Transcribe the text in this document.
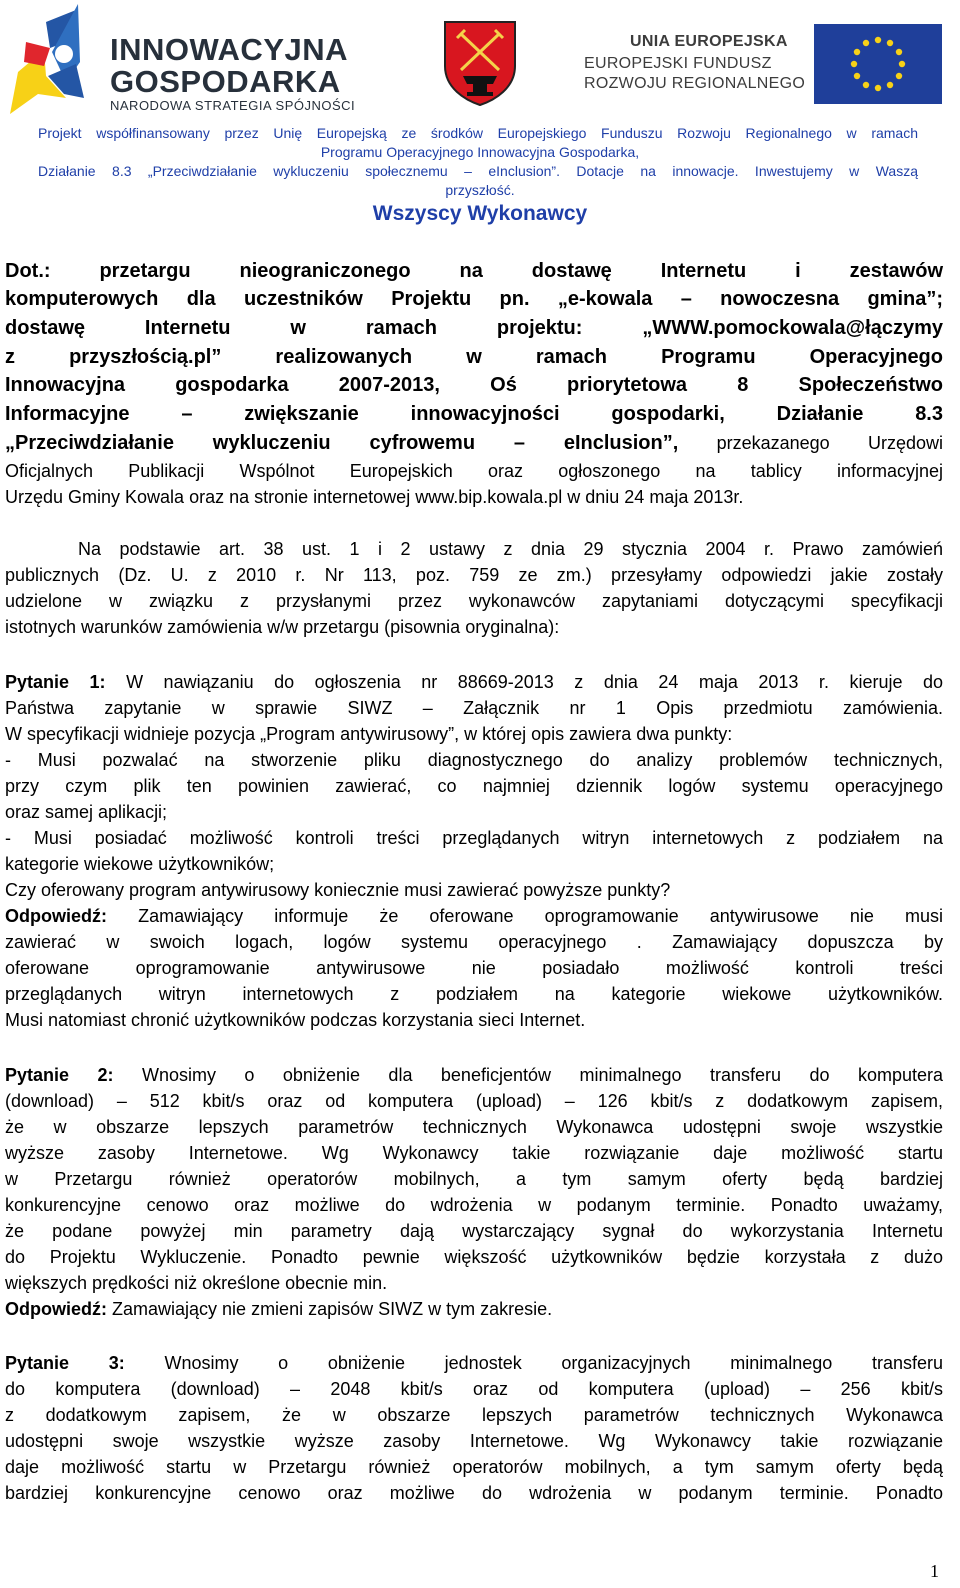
INNOWACYJNA
GOSPODARKA
NARODOWA STRATEGIA SPÓJNOŚCI
UNIA EUROPEJSKA
EUROPEJSKI FUNDUSZ
ROZWOJU REGIONALNEGO
Projekt współfinansowany przez Unię Europejską ze środków Europejskiego Funduszu Rozwoju Regionalnego w ramach
Programu Operacyjnego Innowacyjna Gospodarka,
Działanie 8.3 „Przeciwdziałanie wykluczeniu społecznemu – eInclusion”. Dotacje na innowacje. Inwestujemy w Waszą
przyszłość.
Wszyscy Wykonawcy
Dot.: przetargu nieograniczonego na dostawę Internetu i zestawów
komputerowych dla uczestników Projektu pn. „e-kowala – nowoczesna gmina”;
dostawę Internetu w ramach projektu: „WWW.pomockowala@łączymy
z przyszłością.pl” realizowanych w ramach Programu Operacyjnego
Innowacyjna gospodarka 2007-2013, Oś priorytetowa 8 Społeczeństwo
Informacyjne – zwiększanie innowacyjności gospodarki, Działanie 8.3
„Przeciwdziałanie wykluczeniu cyfrowemu – eInclusion”, przekazanego Urzędowi
Oficjalnych Publikacji Wspólnot Europejskich oraz ogłoszonego na tablicy informacyjnej
Urzędu Gminy Kowala oraz na stronie internetowej www.bip.kowala.pl w dniu 24 maja 2013r.
Na podstawie art. 38 ust. 1 i 2 ustawy z dnia 29 stycznia 2004 r. Prawo zamówień
publicznych (Dz. U. z 2010 r. Nr 113, poz. 759 ze zm.) przesyłamy odpowiedzi jakie zostały
udzielone w związku z przysłanymi przez wykonawców zapytaniami dotyczącymi specyfikacji
istotnych warunków zamówienia w/w przetargu (pisownia oryginalna):
Pytanie 1: W nawiązaniu do ogłoszenia nr 88669-2013 z dnia 24 maja 2013 r. kieruje do
Państwa zapytanie w sprawie SIWZ – Załącznik nr 1 Opis przedmiotu zamówienia.
W specyfikacji widnieje pozycja „Program antywirusowy”, w której opis zawiera dwa punkty:
- Musi pozwalać na stworzenie pliku diagnostycznego do analizy problemów technicznych,
przy czym plik ten powinien zawierać, co najmniej dziennik logów systemu operacyjnego
oraz samej aplikacji;
- Musi posiadać możliwość kontroli treści przeglądanych witryn internetowych z podziałem na
kategorie wiekowe użytkowników;
Czy oferowany program antywirusowy koniecznie musi zawierać powyższe punkty?
Odpowiedź: Zamawiający informuje że oferowane oprogramowanie antywirusowe nie musi
zawierać w swoich logach, logów systemu operacyjnego . Zamawiający dopuszcza by
oferowane oprogramowanie antywirusowe nie posiadało możliwość kontroli treści
przeglądanych witryn internetowych z podziałem na kategorie wiekowe użytkowników.
Musi natomiast chronić użytkowników podczas korzystania sieci Internet.
Pytanie 2: Wnosimy o obniżenie dla beneficjentów minimalnego transferu do komputera
(download) – 512 kbit/s oraz od komputera (upload) – 126 kbit/s z dodatkowym zapisem,
że w obszarze lepszych parametrów technicznych Wykonawca udostępni swoje wszystkie
wyższe zasoby Internetowe. Wg Wykonawcy takie rozwiązanie daje możliwość startu
w Przetargu również operatorów mobilnych, a tym samym oferty będą bardziej
konkurencyjne cenowo oraz możliwe do wdrożenia w podanym terminie. Ponadto uważamy,
że podane powyżej min parametry dają wystarczający sygnał do wykorzystania Internetu
do Projektu Wykluczenie. Ponadto pewnie większość użytkowników będzie korzystała z dużo
większych prędkości niż określone obecnie min.
Odpowiedź: Zamawiający nie zmieni zapisów SIWZ w tym zakresie.
Pytanie 3: Wnosimy o obniżenie jednostek organizacyjnych minimalnego transferu
do komputera (download) – 2048 kbit/s oraz od komputera (upload) – 256 kbit/s
z dodatkowym zapisem, że w obszarze lepszych parametrów technicznych Wykonawca
udostępni swoje wszystkie wyższe zasoby Internetowe. Wg Wykonawcy takie rozwiązanie
daje możliwość startu w Przetargu również operatorów mobilnych, a tym samym oferty będą
bardziej konkurencyjne cenowo oraz możliwe do wdrożenia w podanym terminie. Ponadto
1
